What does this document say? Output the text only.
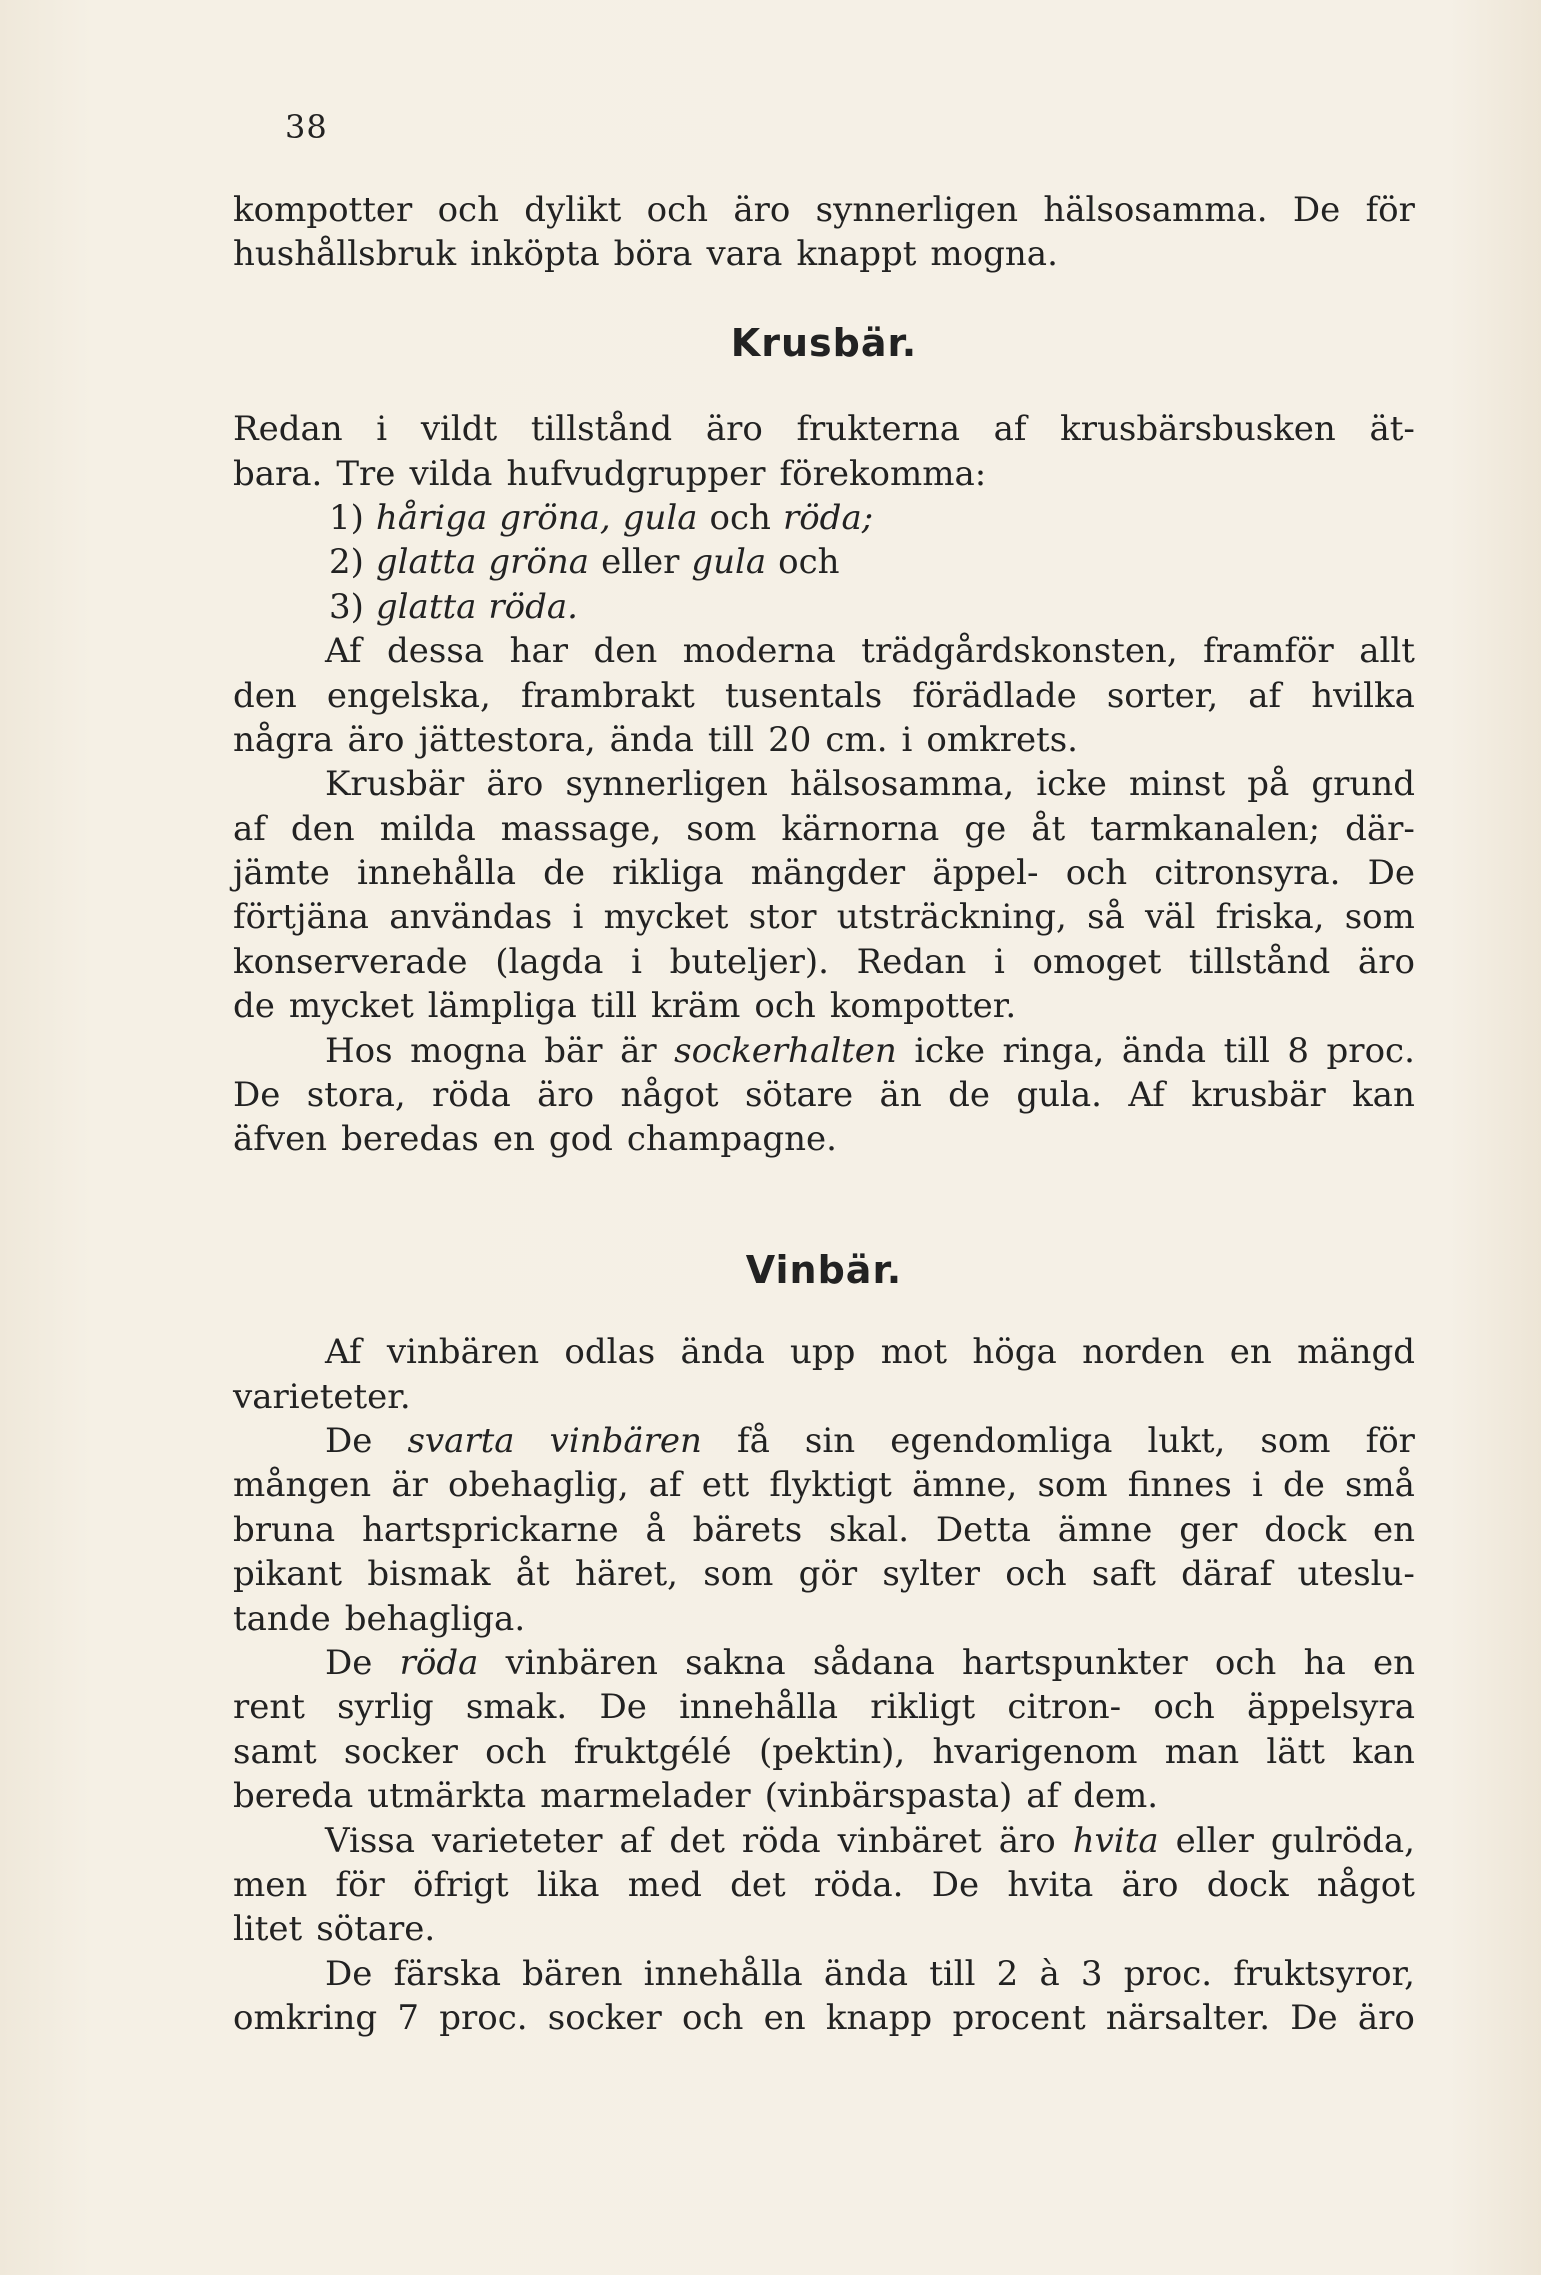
38
kompotter och dylikt och äro synnerligen hälsosamma. De för
hushållsbruk inköpta böra vara knappt mogna.
Krusbär.
Redan i vildt tillstånd äro frukterna af krusbärsbusken ät-
bara. Tre vilda hufvudgrupper förekomma:
1) håriga gröna, gula och röda;
2) glatta gröna eller gula och
3) glatta röda.
Af dessa har den moderna trädgårdskonsten, framför allt
den engelska, frambrakt tusentals förädlade sorter, af hvilka
några äro jättestora, ända till 20 cm. i omkrets.
Krusbär äro synnerligen hälsosamma, icke minst på grund
af den milda massage, som kärnorna ge åt tarmkanalen; där-
jämte innehålla de rikliga mängder äppel- och citronsyra. De
förtjäna användas i mycket stor utsträckning, så väl friska, som
konserverade (lagda i buteljer). Redan i omoget tillstånd äro
de mycket lämpliga till kräm och kompotter.
Hos mogna bär är sockerhalten icke ringa, ända till 8 proc.
De stora, röda äro något sötare än de gula. Af krusbär kan
äfven beredas en god champagne.
Vinbär.
Af vinbären odlas ända upp mot höga norden en mängd
varieteter.
De svarta vinbären få sin egendomliga lukt, som för
mången är obehaglig, af ett flyktigt ämne, som finnes i de små
bruna hartsprickarne å bärets skal. Detta ämne ger dock en
pikant bismak åt häret, som gör sylter och saft däraf uteslu-
tande behagliga.
De röda vinbären sakna sådana hartspunkter och ha en
rent syrlig smak. De innehålla rikligt citron- och äppelsyra
samt socker och fruktgélé (pektin), hvarigenom man lätt kan
bereda utmärkta marmelader (vinbärspasta) af dem.
Vissa varieteter af det röda vinbäret äro hvita eller gulröda,
men för öfrigt lika med det röda. De hvita äro dock något
litet sötare.
De färska bären innehålla ända till 2 à 3 proc. fruktsyror,
omkring 7 proc. socker och en knapp procent närsalter. De äro
